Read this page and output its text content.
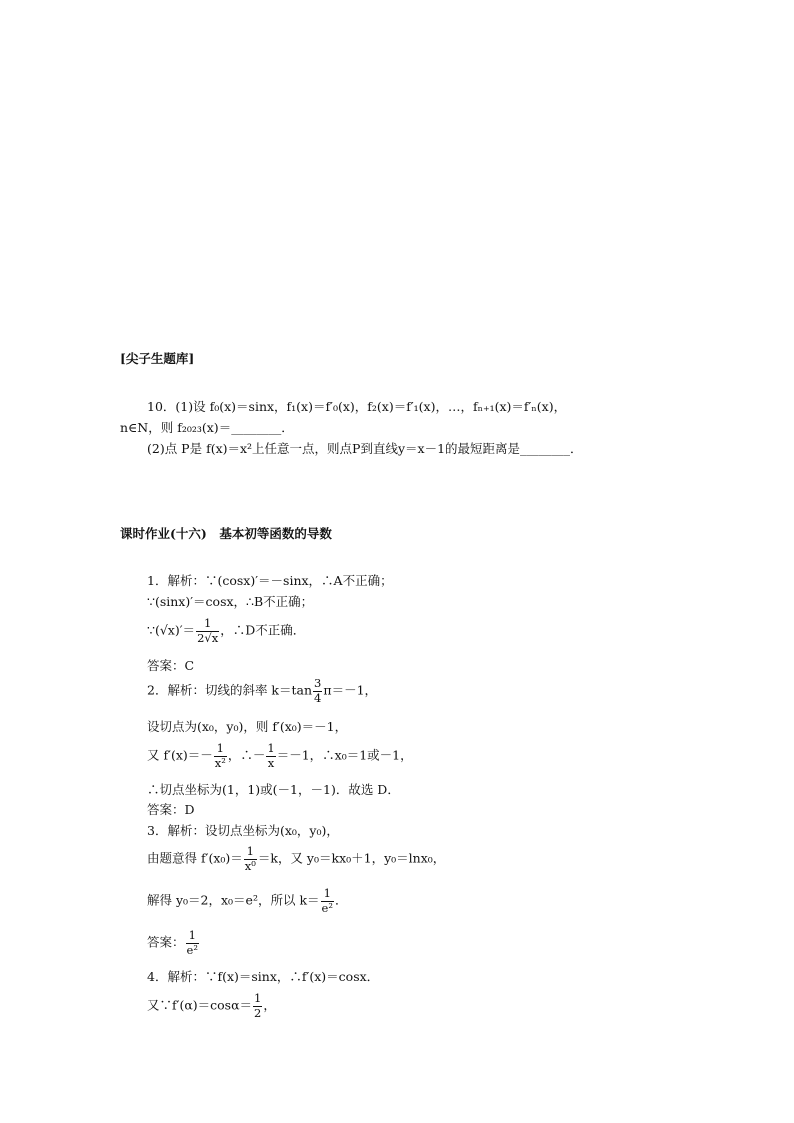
[尖子生题库]
10．(1)设 f₀(x)＝sinx，f₁(x)＝f′₀(x)，f₂(x)＝f′₁(x)，…，fₙ₊₁(x)＝f′ₙ(x)，
n∈N，则 f₂₀₂₃(x)＝________．
(2)点 P是 f(x)＝x²上任意一点，则点P到直线y＝x－1的最短距离是________．
课时作业(十六)　基本初等函数的导数
1．解析：∵(cosx)′＝－sinx，∴A不正确；
∵(sinx)′＝cosx，∴B不正确；
∵(√x)′＝ $\frac{1}{2√x}$ ，∴D不正确．
答案：C
2．解析：切线的斜率 $k=\tan \frac{3}{4} \pi=-1$，
设切点为(x₀，y₀)，则 f′(x₀)＝－1，
又 $f'(x)=- \frac{1}{\text{x²}}$ ，∴－ $\frac{1}{x} =-1$，∴x₀＝1或－1，
∴切点坐标为(1，1)或(－1，－1)．故选 D．
答案：D
3．解析：设切点坐标为(x₀，y₀)，
由题意得 $f'(x_0)= \frac{1}{\text{x⁰}} =k$，又 y₀＝kx₀＋1，y₀＝lnx₀，
解得 y₀＝2，x₀＝e²，所以 $k= \frac{1}{\text{e²}}$ ．
答案： $\frac{1}{\text{e²}}$
4．解析：∵f(x)＝sinx，∴f′(x)＝cosx．
又∵f′(α)＝cosα＝ $\frac{1}{2}$ ，
